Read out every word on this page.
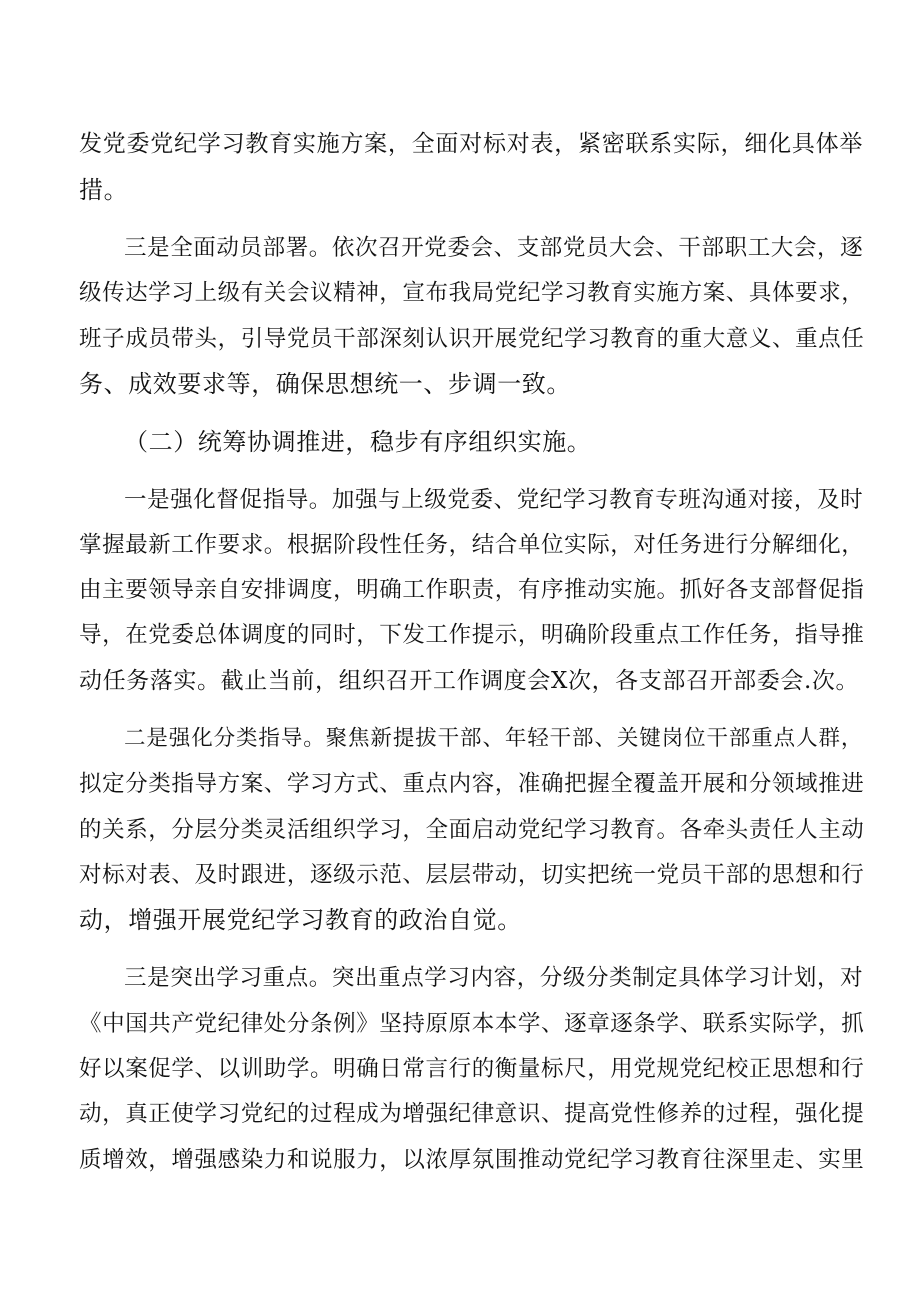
发党委党纪学习教育实施方案，全面对标对表，紧密联系实际，细化具体举
措。
三是全面动员部署。依次召开党委会、支部党员大会、干部职工大会，逐
级传达学习上级有关会议精神，宣布我局党纪学习教育实施方案、具体要求，
班子成员带头，引导党员干部深刻认识开展党纪学习教育的重大意义、重点任
务、成效要求等，确保思想统一、步调一致。
（二）统筹协调推进，稳步有序组织实施。
一是强化督促指导。加强与上级党委、党纪学习教育专班沟通对接，及时
掌握最新工作要求。根据阶段性任务，结合单位实际，对任务进行分解细化，
由主要领导亲自安排调度，明确工作职责，有序推动实施。抓好各支部督促指
导，在党委总体调度的同时，下发工作提示，明确阶段重点工作任务，指导推
动任务落实。截止当前，组织召开工作调度会X次，各支部召开部委会.次。
二是强化分类指导。聚焦新提拔干部、年轻干部、关键岗位干部重点人群，
拟定分类指导方案、学习方式、重点内容，准确把握全覆盖开展和分领域推进
的关系，分层分类灵活组织学习，全面启动党纪学习教育。各牵头责任人主动
对标对表、及时跟进，逐级示范、层层带动，切实把统一党员干部的思想和行
动，增强开展党纪学习教育的政治自觉。
三是突出学习重点。突出重点学习内容，分级分类制定具体学习计划，对
《中国共产党纪律处分条例》坚持原原本本学、逐章逐条学、联系实际学，抓
好以案促学、以训助学。明确日常言行的衡量标尺，用党规党纪校正思想和行
动，真正使学习党纪的过程成为增强纪律意识、提高党性修养的过程，强化提
质增效，增强感染力和说服力，以浓厚氛围推动党纪学习教育往深里走、实里
